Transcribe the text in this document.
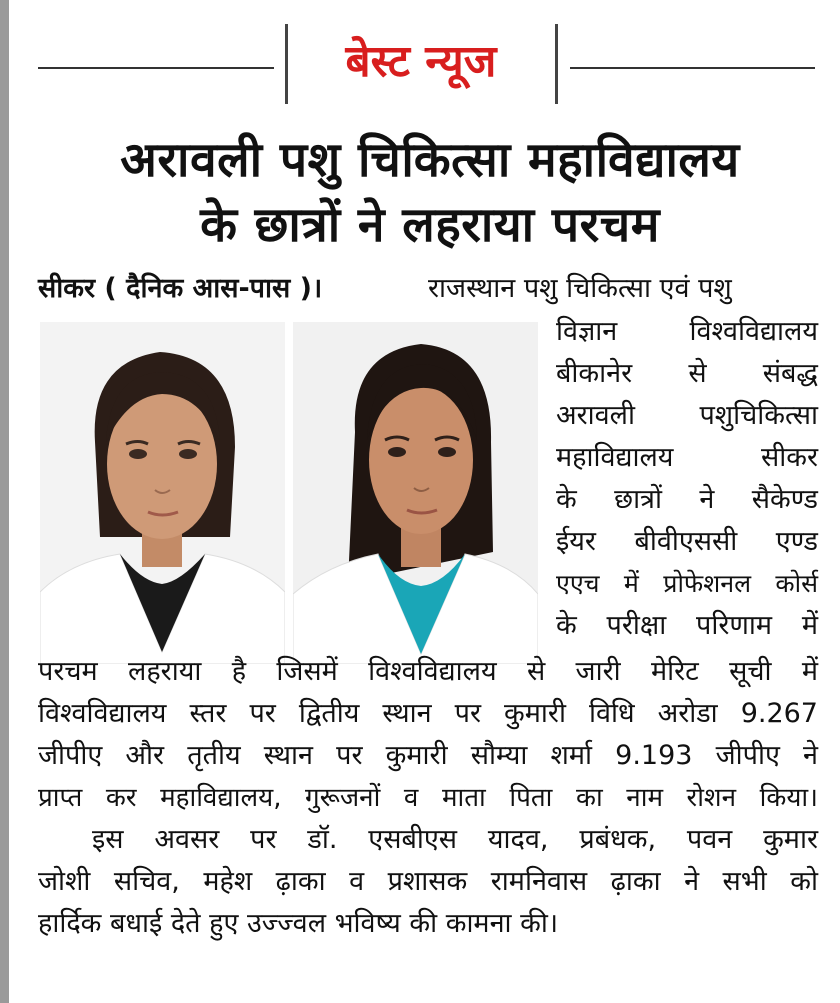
बेस्ट न्यूज
अरावली पशु चिकित्सा महाविद्यालय
के छात्रों ने लहराया परचम
सीकर ( दैनिक आस-पास )।	राजस्थान पशु चिकित्सा एवं पशु
विज्ञान विश्वविद्यालय
बीकानेर से संबद्ध
अरावली पशुचिकित्सा
महाविद्यालय सीकर
के छात्रों ने सैकेण्ड
ईयर बीवीएससी एण्ड
एएच में प्रोफेशनल कोर्स
के परीक्षा परिणाम में
परचम लहराया है जिसमें विश्वविद्यालय से जारी मेरिट सूची में
विश्वविद्यालय स्तर पर द्वितीय स्थान पर कुमारी विधि अरोडा 9.267
जीपीए और तृतीय स्थान पर कुमारी सौम्या शर्मा 9.193 जीपीए ने
प्राप्त कर महाविद्यालय, गुरूजनों व माता पिता का नाम रोशन किया।
इस अवसर पर डॉ. एसबीएस यादव, प्रबंधक, पवन कुमार
जोशी सचिव, महेश ढ़ाका व प्रशासक रामनिवास ढ़ाका ने सभी को
हार्दिक बधाई देते हुए उज्ज्वल भविष्य की कामना की।
